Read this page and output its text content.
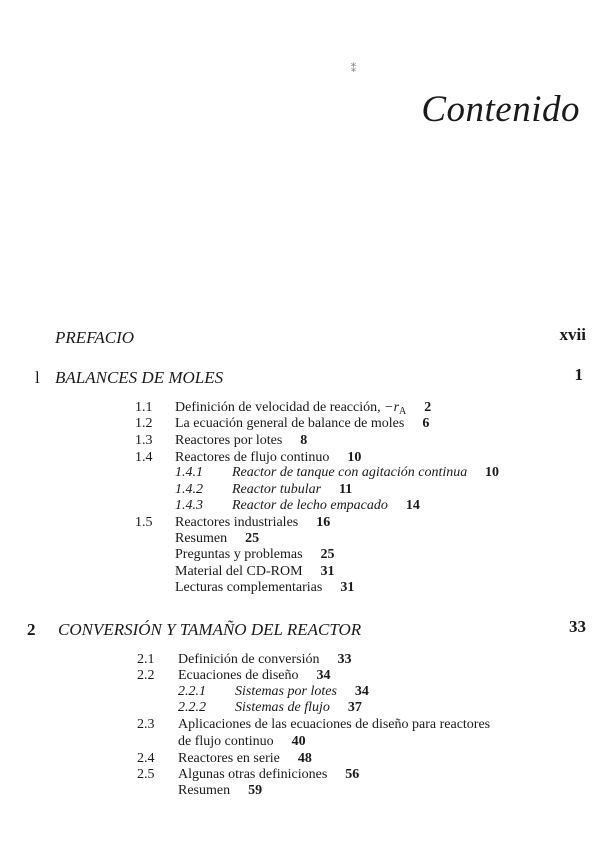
⁑
Contenido
PREFACIO	xvii
l BALANCES DE MOLES	1
1.1 Definición de velocidad de reacción, $-r_A$ 2
1.2 La ecuación general de balance de moles 6
1.3 Reactores por lotes 8
1.4 Reactores de flujo continuo 10
1.4.1 Reactor de tanque con agitación continua 10
1.4.2 Reactor tubular 11
1.4.3 Reactor de lecho empacado 14
1.5 Reactores industriales 16
Resumen 25
Preguntas y problemas 25
Material del CD-ROM 31
Lecturas complementarias 31
2 CONVERSIÓN Y TAMAÑO DEL REACTOR	33
2.1 Definición de conversión 33
2.2 Ecuaciones de diseño 34
2.2.1 Sistemas por lotes 34
2.2.2 Sistemas de flujo 37
2.3 Aplicaciones de las ecuaciones de diseño para reactores
de flujo continuo 40
2.4 Reactores en serie 48
2.5 Algunas otras definiciones 56
Resumen 59
